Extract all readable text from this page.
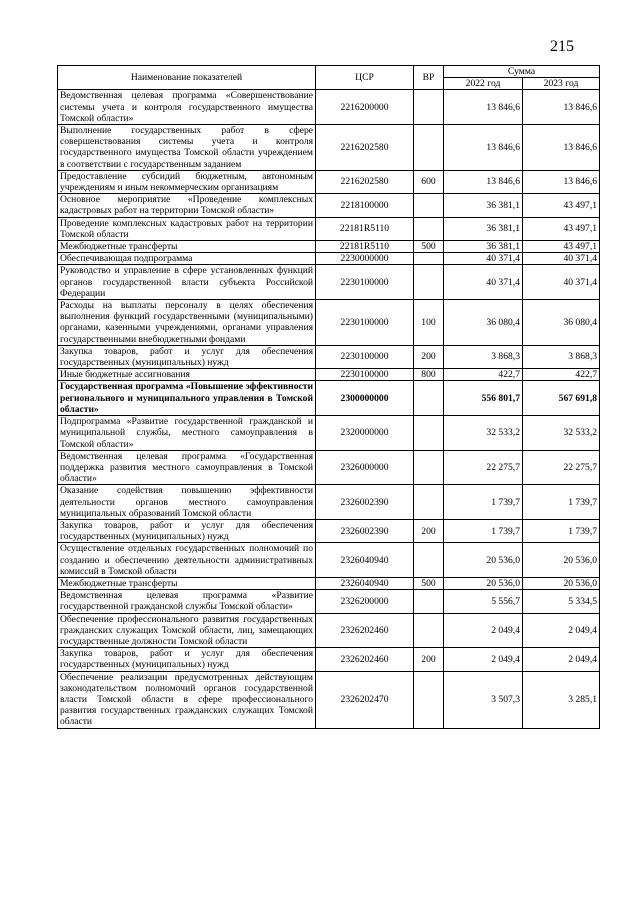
215
Наименование показателей	ЦСР	ВР	Сумма	
			2022 год	2023 год
Ведомственная целевая программа «Совершенствование системы учета и контроля государственного имущества Томской области»	2216200000		13 846,6	13 846,6
Выполнение государственных работ в сфере совершенствования системы учета и контроля государственного имущества Томской области учреждением в соответствии с государственным заданием	2216202580		13 846,6	13 846,6
Предоставление субсидий бюджетным, автономным учреждениям и иным некоммерческим организациям	2216202580	600	13 846,6	13 846,6
Основное мероприятие «Проведение комплексных кадастровых работ на территории Томской области»	2218100000		36 381,1	43 497,1
Проведение комплексных кадастровых работ на территории Томской области	22181R5110		36 381,1	43 497,1
Межбюджетные трансферты	22181R5110	500	36 381,1	43 497,1
Обеспечивающая подпрограмма	2230000000		40 371,4	40 371,4
Руководство и управление в сфере установленных функций органов государственной власти субъекта Российской Федерации	2230100000		40 371,4	40 371,4
Расходы на выплаты персоналу в целях обеспечения выполнения функций государственными (муниципальными) органами, казенными учреждениями, органами управления государственными внебюджетными фондами	2230100000	100	36 080,4	36 080,4
Закупка товаров, работ и услуг для обеспечения государственных (муниципальных) нужд	2230100000	200	3 868,3	3 868,3
Иные бюджетные ассигнования	2230100000	800	422,7	422,7
Государственная программа «Повышение эффективности регионального и муниципального управления в Томской области»	2300000000		556 801,7	567 691,8
Подпрограмма «Развитие государственной гражданской и муниципальной службы, местного самоуправления в Томской области»	2320000000		32 533,2	32 533,2
Ведомственная целевая программа «Государственная поддержка развития местного самоуправления в Томской области»	2326000000		22 275,7	22 275,7
Оказание содействия повышению эффективности деятельности органов местного самоуправления муниципальных образований Томской области	2326002390		1 739,7	1 739,7
Закупка товаров, работ и услуг для обеспечения государственных (муниципальных) нужд	2326002390	200	1 739,7	1 739,7
Осуществление отдельных государственных полномочий по созданию и обеспечению деятельности административных комиссий в Томской области	2326040940		20 536,0	20 536,0
Межбюджетные трансферты	2326040940	500	20 536,0	20 536,0
Ведомственная целевая программа «Развитие государственной гражданской службы Томской области»	2326200000		5 556,7	5 334,5
Обеспечение профессионального развития государственных гражданских служащих Томской области, лиц, замещающих государственные должности Томской области	2326202460		2 049,4	2 049,4
Закупка товаров, работ и услуг для обеспечения государственных (муниципальных) нужд	2326202460	200	2 049,4	2 049,4
Обеспечение реализации предусмотренных действующим законодательством полномочий органов государственной власти Томской области в сфере профессионального развития государственных гражданских служащих Томской области	2326202470		3 507,3	3 285,1
